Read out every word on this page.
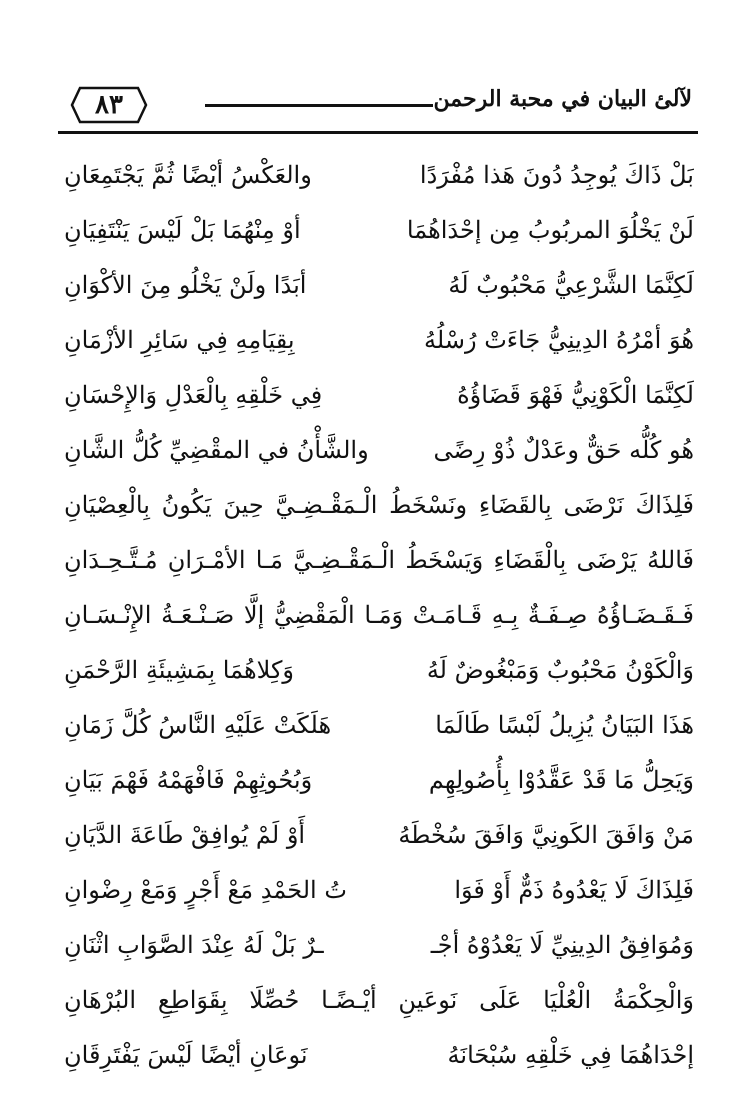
٨٣	لآلئ البيان في محبة الرحمن
بَلْ ذَاكَ يُوجِدُ دُونَ هَذا مُفْرَدًا
والعَكْسُ أيْضًا ثُمَّ يَجْتَمِعَانِ
لَنْ يَخْلُوَ المربُوبُ مِن إحْدَاهُمَا
أوْ مِنْهُمَا بَلْ لَيْسَ يَنْتَفِيَانِ
لَكِنَّمَا الشَّرْعِيُّ مَحْبُوبٌ لَهُ
أبَدًا ولَنْ يَخْلُو مِنَ الأكْوَانِ
هُوَ أمْرُهُ الدِينِيُّ جَاءَتْ رُسْلُهُ
بِقِيَامِهِ فِي سَائِرِ الأزْمَانِ
لَكِنَّمَا الْكَوْنِيُّ فَهْوَ قَضَاؤُهُ
فِي خَلْقِهِ بِالْعَدْلِ وَالإِحْسَانِ
هُو كُلُّه حَقٌّ وعَدْلٌ ذُوْ رِضًى
والشَّأْنُ في المقْضِيِّ كُلُّ الشَّانِ
فَلِذَاكَ نَرْضَى بِالقَضَاءِ ونَسْخَطُ الْـمَقْـضِـيَّ حِينَ يَكُونُ بِالْعِصْيَانِ
فَاللهُ يَرْضَى بِالْقَضَاءِ وَيَسْخَطُ الْـمَقْـضِـيَّ مَـا الأمْـرَانِ مُـتَّـحِـدَانِ
فَـقَـضَـاؤُهُ صِـفَـةٌ بِـهِ قَـامَـتْ وَمَـا الْمَقْضِيُّ إلَّا صَـنْـعَـةُ الإِنْـسَـانِ
وَالْكَوْنُ مَحْبُوبٌ وَمَبْغُوضٌ لَهُ
وَكِلاهُمَا بِمَشِيئَةِ الرَّحْمَنِ
هَذَا البَيَانُ يُزِيلُ لَبْسًا طَالَمَا
هَلَكَتْ عَلَيْهِ النَّاسُ كُلَّ زَمَانِ
وَيَحِلُّ مَا قَدْ عَقَّدُوْا بِأُصُولِهِم
وَبُحُوثِهِمْ فَافْهَمْهُ فَهْمَ بَيَانِ
مَنْ وَافَقَ الكَونِيَّ وَافَقَ سُخْطَهُ
أَوْ لَمْ يُوافِقْ طَاعَةَ الدَّيَانِ
فَلِذَاكَ لَا يَعْدُوهُ ذَمٌّ أَوْ فَوَا
تُ الحَمْدِ مَعْ أَجْرٍ وَمَعْ رِضْوانِ
وَمُوَافِقُ الدِينِيِّ لَا يَعْدُوْهُ أجْـ
ـرٌ بَلْ لَهُ عِنْدَ الصَّوَابِ اثْنَانِ
وَالْحِكْمَةُ الْعُلْيَا عَلَى نَوعَينِ أيْـضًـا حُصِّلَا بِقَوَاطِعِ البُرْهَانِ
إحْدَاهُمَا فِي خَلْقِهِ سُبْحَانَهُ
نَوعَانِ أيْضًا لَيْسَ يَفْتَرِقَانِ
